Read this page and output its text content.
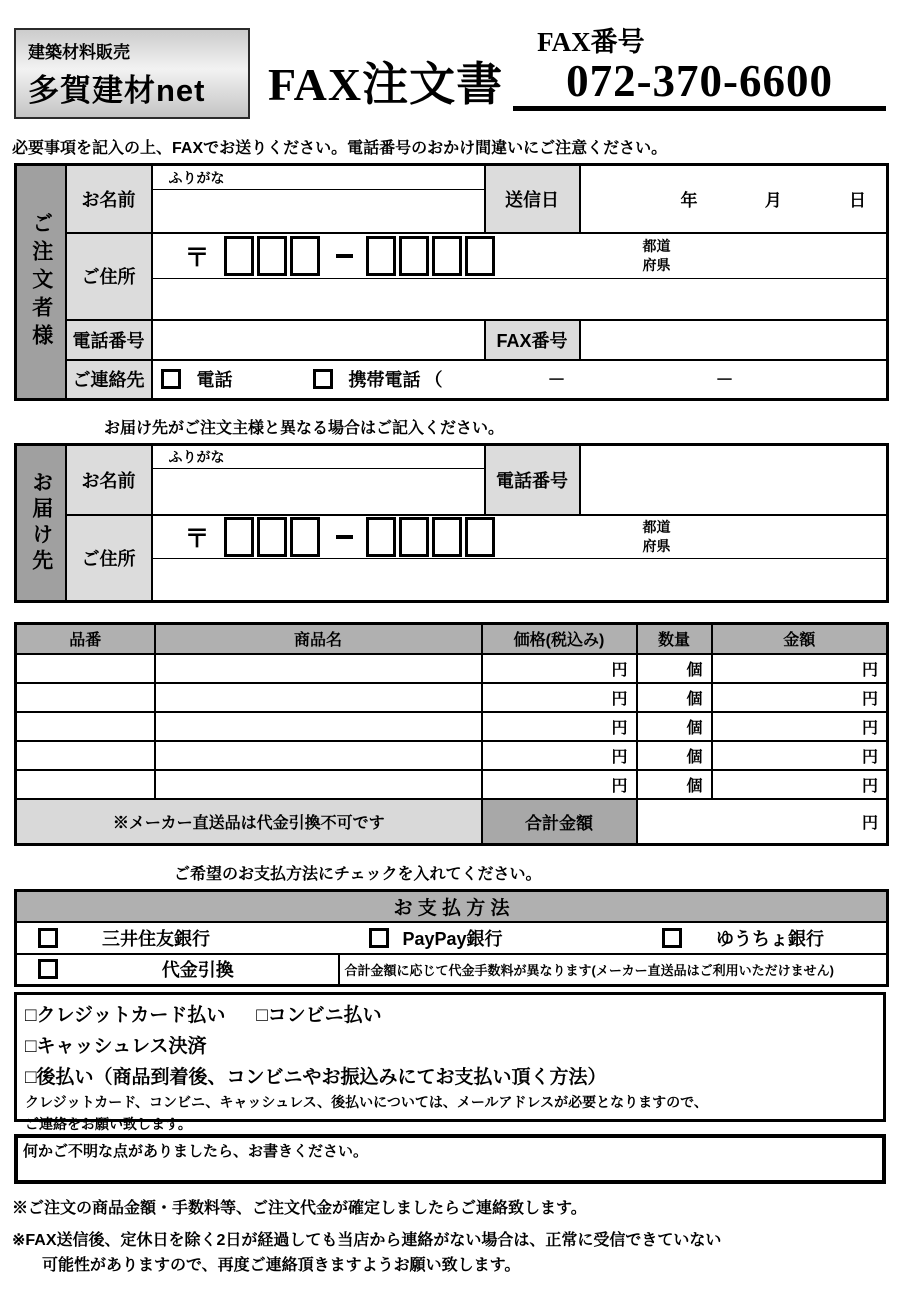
建築材料販売
多賀建材net	FAX注文書
FAX番号
072-370-6600
必要事項を記入の上、FAXでお送りください。電話番号のおかけ間違いにご注意ください。
ご注文者様	お名前	ふりがな	送信日	年 月 日

	ご住所	〒 都道
府県		

	電話番号		FAX番号	
	ご連絡先	電話 携帯電話 （ － －		
お届け先がご注文主様と異なる場合はご記入ください。
お届け先	お名前	ふりがな	電話番号	

	ご住所	〒 都道
府県		

品番	商品名	価格(税込み)	数量	金額
		円	個	円
		円	個	円
		円	個	円
		円	個	円
		円	個	円
※メーカー直送品は代金引換不可です		合計金額	円	
ご希望のお支払方法にチェックを入れてください。
お 支 払 方 法

三井住友銀行	PayPay銀行	ゆうちょ銀行

代金引換	合計金額に応じて代金手数料が異なります(メーカー直送品はご利用いただけません)
□クレジットカード払い □コンビニ払い
□キャッシュレス決済
□後払い（商品到着後、コンビニやお振込みにてお支払い頂く方法）
クレジットカード、コンビニ、キャッシュレス、後払いについては、メールアドレスが必要となりますので、
ご連絡をお願い致します。
何かご不明な点がありましたら、お書きください。
※ご注文の商品金額・手数料等、ご注文代金が確定しましたらご連絡致します。
※FAX送信後、定休日を除く2日が経過しても当店から連絡がない場合は、正常に受信できていない
可能性がありますので、再度ご連絡頂きますようお願い致します。
